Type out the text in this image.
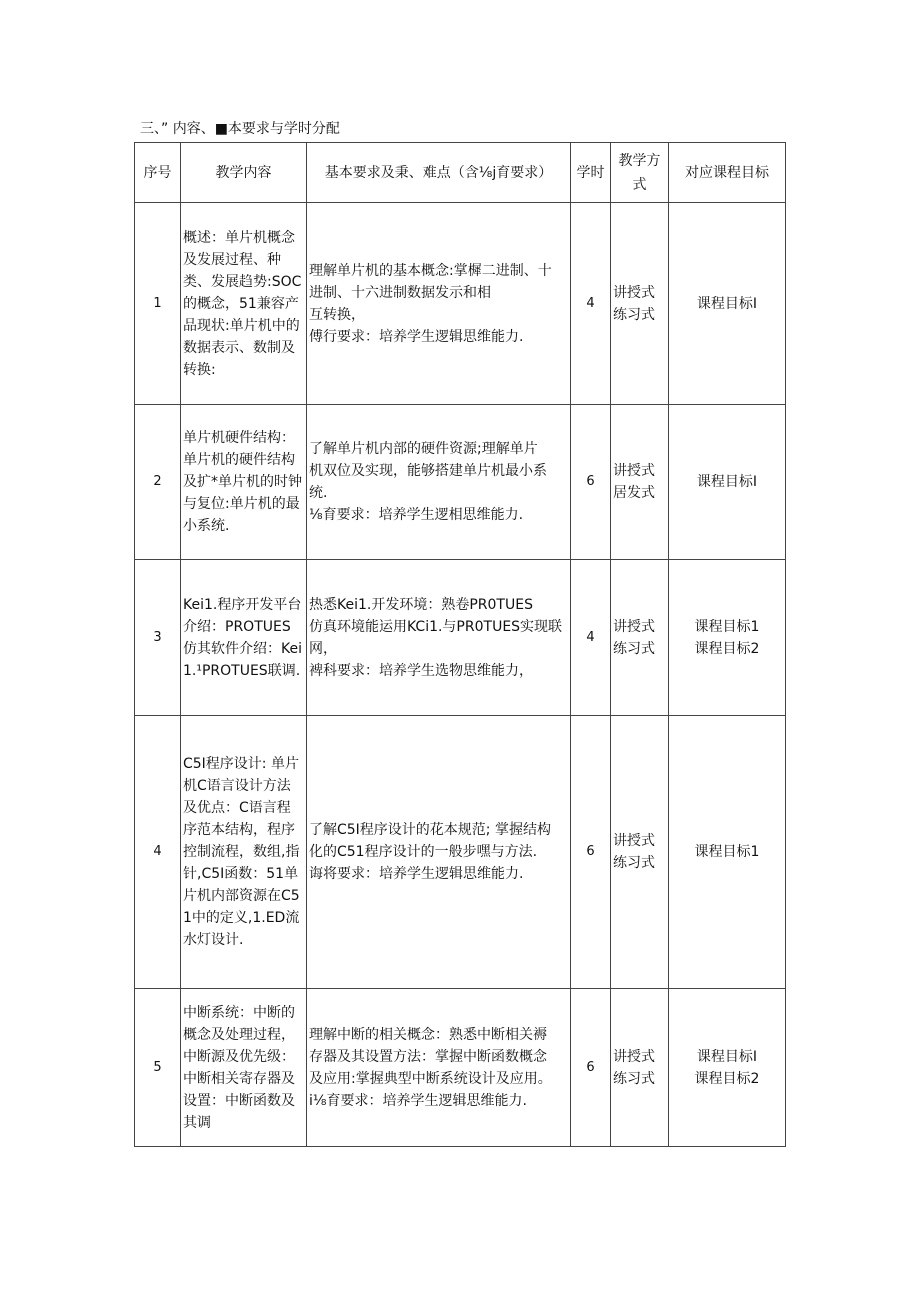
三、” 内容、■本要求与学时分配
序号	教学内容	基本要求及秉、难点（含⅛j育要求）	学时	教学方式	对应课程目标
1	概述：单片机概念及发展过程、种类、发展趋势:SOC的概念，51兼容产品现状:单片机中的数据表示、数制及转换:	理解单片机的基本概念:掌樨二进制、十
进制、十六进制数据发示和相
互转换，
傅行要求：培养学生逻辑思维能力.	4	讲授式
练习式	课程目标I

2	单片机硬件结构：单片机的硬件结构及扩*单片机的时钟与复位:单片机的最小系统.	了解单片机内部的硬件资源;理解单片
机双位及实现，能够搭建单片机最小系
统.
⅛育要求：培养学生逻相思维能力.	6	讲授式
居发式	课程目标I

3	Kei1.程序开发平台介绍：PROTUES仿其软件介绍：Kei1.¹PROTUES联调.	热悉Kei1.开发环境：熟卷PR0TUES
仿真环境能运用KCi1.与PR0TUES实现联
网，
裨科要求：培养学生选物思维能力，	4	讲授式
练习式	课程目标1
课程目标2

4	C5I程序设计: 单片机C语言设计方法及优点：C语言程序范本结构，程序控制流程，数组,指针,C5I函数：51单片机内部资源在C51中的定义,1.ED流水灯设计.	了解C5I程序设计的花本规范; 掌握结构
化的C51程序设计的一般步嘿与方法.
诲将要求：培养学生逻辑思维能力.	6	讲授式
练习式	课程目标1

5	中断系统：中断的概念及处理过程，中断源及优先级：中断相关寄存器及设置：中断函数及其调	理解中断的相关概念：熟悉中断相关褥
存器及其设置方法：掌握中断函数概念
及应用:掌握典型中断系统设计及应用。
i⅛育要求：培养学生逻辑思维能力.	6	讲授式
练习式	课程目标I
课程目标2
